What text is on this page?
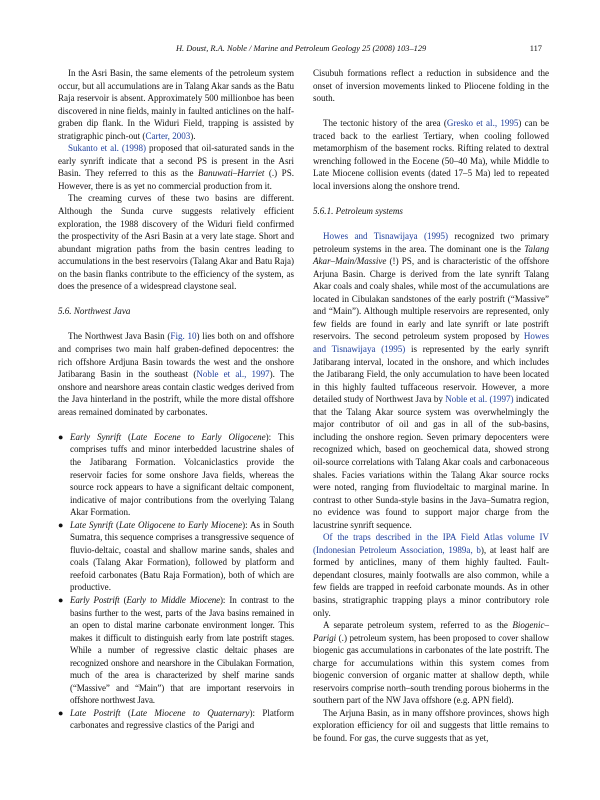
H. Doust, R.A. Noble / Marine and Petroleum Geology 25 (2008) 103–129	117

In the Asri Basin, the same elements of the petroleum system occur, but all accumulations are in Talang Akar sands as the Batu Raja reservoir is absent. Approximately 500 millionboe has been discovered in nine fields, mainly in faulted anticlines on the half-graben dip flank. In the Widuri Field, trapping is assisted by stratigraphic pinch-out (Carter, 2003).

Sukanto et al. (1998) proposed that oil-saturated sands in the early synrift indicate that a second PS is present in the Asri Basin. They referred to this as the Banuwati–Harriet (.) PS. However, there is as yet no commercial production from it.

The creaming curves of these two basins are different. Although the Sunda curve suggests relatively efficient exploration, the 1988 discovery of the Widuri field confirmed the prospectivity of the Asri Basin at a very late stage. Short and abundant migration paths from the basin centres leading to accumulations in the best reservoirs (Talang Akar and Batu Raja) on the basin flanks contribute to the efficiency of the system, as does the presence of a widespread claystone seal.

5.6. Northwest Java

The Northwest Java Basin (Fig. 10) lies both on and offshore and comprises two main half graben-defined depocentres: the rich offshore Ardjuna Basin towards the west and the onshore Jatibarang Basin in the southeast (Noble et al., 1997). The onshore and nearshore areas contain clastic wedges derived from the Java hinterland in the postrift, while the more distal offshore areas remained dominated by carbonates.

● Early Synrift (Late Eocene to Early Oligocene): This comprises tuffs and minor interbedded lacustrine shales of the Jatibarang Formation. Volcaniclastics provide the reservoir facies for some onshore Java fields, whereas the source rock appears to have a significant deltaic component, indicative of major contributions from the overlying Talang Akar Formation.
● Late Synrift (Late Oligocene to Early Miocene): As in South Sumatra, this sequence comprises a transgressive sequence of fluvio-deltaic, coastal and shallow marine sands, shales and coals (Talang Akar Formation), followed by platform and reefoid carbonates (Batu Raja Formation), both of which are productive.
● Early Postrift (Early to Middle Miocene): In contrast to the basins further to the west, parts of the Java basins remained in an open to distal marine carbonate environment longer. This makes it difficult to distinguish early from late postrift stages. While a number of regressive clastic deltaic phases are recognized onshore and nearshore in the Cibulakan Formation, much of the area is characterized by shelf marine sands (“Massive” and “Main”) that are important reservoirs in offshore northwest Java.
● Late Postrift (Late Miocene to Quaternary): Platform carbonates and regressive clastics of the Parigi and

Cisubuh formations reflect a reduction in subsidence and the onset of inversion movements linked to Pliocene folding in the south.

The tectonic history of the area (Gresko et al., 1995) can be traced back to the earliest Tertiary, when cooling followed metamorphism of the basement rocks. Rifting related to dextral wrenching followed in the Eocene (50–40 Ma), while Middle to Late Miocene collision events (dated 17–5 Ma) led to repeated local inversions along the onshore trend.

5.6.1. Petroleum systems

Howes and Tisnawijaya (1995) recognized two primary petroleum systems in the area. The dominant one is the Talang Akar–Main/Massive (!) PS, and is characteristic of the offshore Arjuna Basin. Charge is derived from the late synrift Talang Akar coals and coaly shales, while most of the accumulations are located in Cibulakan sandstones of the early postrift (“Massive” and “Main”). Although multiple reservoirs are represented, only few fields are found in early and late synrift or late postrift reservoirs. The second petroleum system proposed by Howes and Tisnawijaya (1995) is represented by the early synrift Jatibarang interval, located in the onshore, and which includes the Jatibarang Field, the only accumulation to have been located in this highly faulted tuffaceous reservoir. However, a more detailed study of Northwest Java by Noble et al. (1997) indicated that the Talang Akar source system was overwhelmingly the major contributor of oil and gas in all of the sub-basins, including the onshore region. Seven primary depocenters were recognized which, based on geochemical data, showed strong oil-source correlations with Talang Akar coals and carbonaceous shales. Facies variations within the Talang Akar source rocks were noted, ranging from fluviodeltaic to marginal marine. In contrast to other Sunda-style basins in the Java–Sumatra region, no evidence was found to support major charge from the lacustrine synrift sequence.

Of the traps described in the IPA Field Atlas volume IV (Indonesian Petroleum Association, 1989a, b), at least half are formed by anticlines, many of them highly faulted. Fault-dependant closures, mainly footwalls are also common, while a few fields are trapped in reefoid carbonate mounds. As in other basins, stratigraphic trapping plays a minor contributory role only.

A separate petroleum system, referred to as the Biogenic–Parigi (.) petroleum system, has been proposed to cover shallow biogenic gas accumulations in carbonates of the late postrift. The charge for accumulations within this system comes from biogenic conversion of organic matter at shallow depth, while reservoirs comprise north–south trending porous bioherms in the southern part of the NW Java offshore (e.g. APN field).

The Arjuna Basin, as in many offshore provinces, shows high exploration efficiency for oil and suggests that little remains to be found. For gas, the curve suggests that as yet,
